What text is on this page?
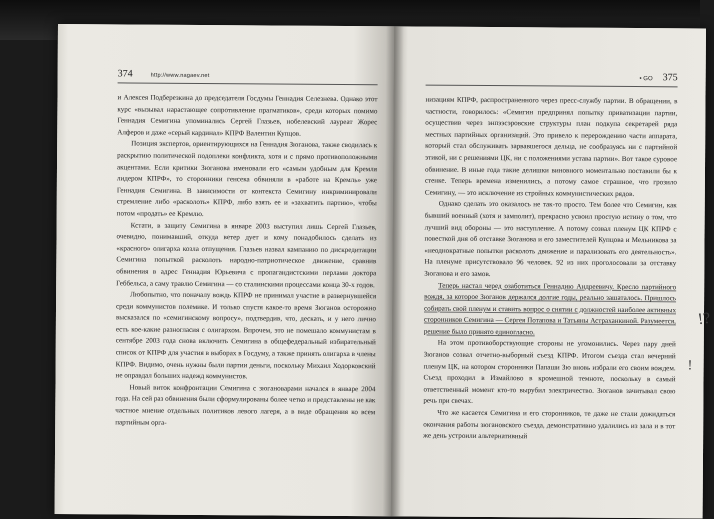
374	http://www.nagaev.net

и Алексея Подберезкина до председателя Госдумы Геннадия Селезнева. Однако этот курс «вызывал нарастающее сопротивление прагматиков», среди которых помимо Геннадия Семигина упоминались Сергей Глазьев, нобелевский лауреат Жорес Алферов и даже «серый кардинал» КПРФ Валентин Купцов.

Позиция экспертов, ориентирующихся на Геннадия Зюганова, также сводилась к раскрытию политической подоплеки конфликта, хотя и с прямо противоположными акцентами. Если критики Зюганова именовали его «самым удобным для Кремля лидером КПРФ», то сторонники генсека обвиняли в «работе на Кремль» уже Геннадия Семигина. В зависимости от контекста Семигину инкриминировали стремление либо «расколоть» КПРФ, либо взять ее и «захватить партию», чтобы потом «продать» ее Кремлю.

Кстати, в защиту Семигина в январе 2003 выступил лишь Сергей Глазьев, очевидно, понимавший, откуда ветер дует и кому понадобилось сделать из «красного» олигарха козла отпущения. Глазьев назвал кампанию по дискредитации Семигина попыткой расколоть народно-патриотическое движение, сравнив обвинения в адрес Геннадия Юрьевича с пропагандистскими перлами доктора Геббельса, а саму травлю Семигина — со сталинскими процессами конца 30-х годов.

Любопытно, что поначалу вождь КПРФ не принимал участие в развернувшейся среди коммунистов полемике. И только спустя какое-то время Зюганов осторожно высказался по «семигинскому вопросу», подтвердив, что, дескать, и у него лично есть кое-какие разногласия с олигархом. Впрочем, это не помешало коммунистам в сентябре 2003 года снова включить Семигина в общефедеральный избирательный список от КПРФ для участия в выборах в Госдуму, а также принять олигарха в члены КПРФ. Видимо, очень нужны были партии деньги, поскольку Михаил Ходорковский не оправдал больших надежд коммунистов.

Новый виток конфронтации Семигина с зюгановарами начался в январе 2004 года. На сей раз обвинения были сформулированы более четко и представлены не как частное мнение отдельных политиков левого лагеря, а в виде обращения ко всем партийным орга-

• GO 375

низациям КПРФ, распространенного через пресс-службу партии. В обращении, в частности, говорилось: «Семигин предпринял попытку приватизации партии, осуществив через энпээсэровские структуры план подкупа секретарей ряда местных партийных организаций. Это привело к перерождению части аппарата, который стал обслуживать зарвавшегося дельца, не сообразуясь ни с партийной этикой, ни с решениями ЦК, ни с положениями устава партии». Вот такое суровое обвинение. В иные года такие делишки виновного моментально поставили бы к стенке. Теперь времена изменились, а потому самое страшное, что грозило Семигину, — это исключение из стройных коммунистических рядов.

Однако сделать это оказалось не так-то просто. Тем более что Семигин, как бывший военный (хотя и замполит), прекрасно усвоил простую истину о том, что лучший вид обороны — это наступление. А потому созвал пленум ЦК КПРФ с повесткой дня об отставке Зюганова и его заместителей Купцова и Мельникова за «неоднократные попытки расколоть движение и парализовать его деятельность». На пленуме присутствовало 96 человек. 92 из них проголосовали за отставку Зюганова и его замов.

Теперь настал черед озаботиться Геннадию Андреевичу. Кресло партийного вождя, за которое Зюганов держался долгие годы, реально зашаталось. Пришлось собирать свой пленум и ставить вопрос о снятии с должностей наиболее активных сторонников Семигина — Сергея Потапова и Татьяны Астраханкиной. Разумеется, решение было принято единогласно.

На этом противоборствующие стороны не угомонились. Через пару дней Зюганов созвал отчетно-выборный съезд КПРФ. Итогом съезда стал вечерний пленум ЦК, на котором сторонники Папаши Зю вновь избрали его своим вождем. Съезд проходил в Измайлово в кромешной темноте, поскольку в самый ответственный момент кто-то вырубил электричество. Зюганов зачитывал свою речь при свечах.

Что же касается Семигина и его сторонников, те даже не стали дожидаться окончания работы зюгановского съезда, демонстративно удалились из зала и в тот же день устроили альтернативный

!?
!
